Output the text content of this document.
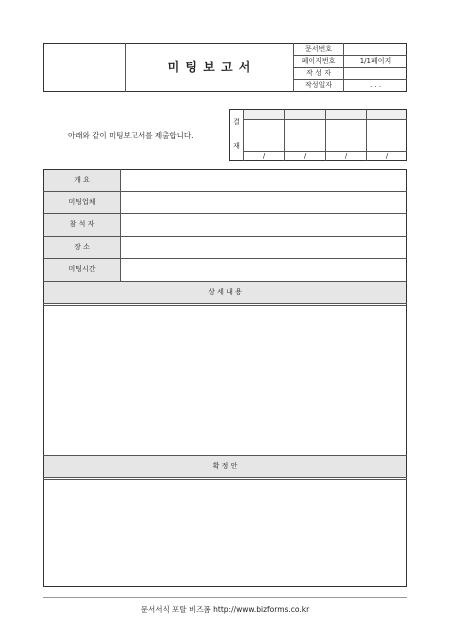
미 팅 보 고 서
문서번호
페이지번호	1/1페이지
작 성 자
작성일자	. . .
아래와 같이 미팅보고서를 제출합니다.
결
재
/	/	/	/
개 요
미팅업체
참 석 자
장 소
미팅시간
상 세 내 용
확 정 안
문서서식 포탈 비즈폼 http://www.bizforms.co.kr
